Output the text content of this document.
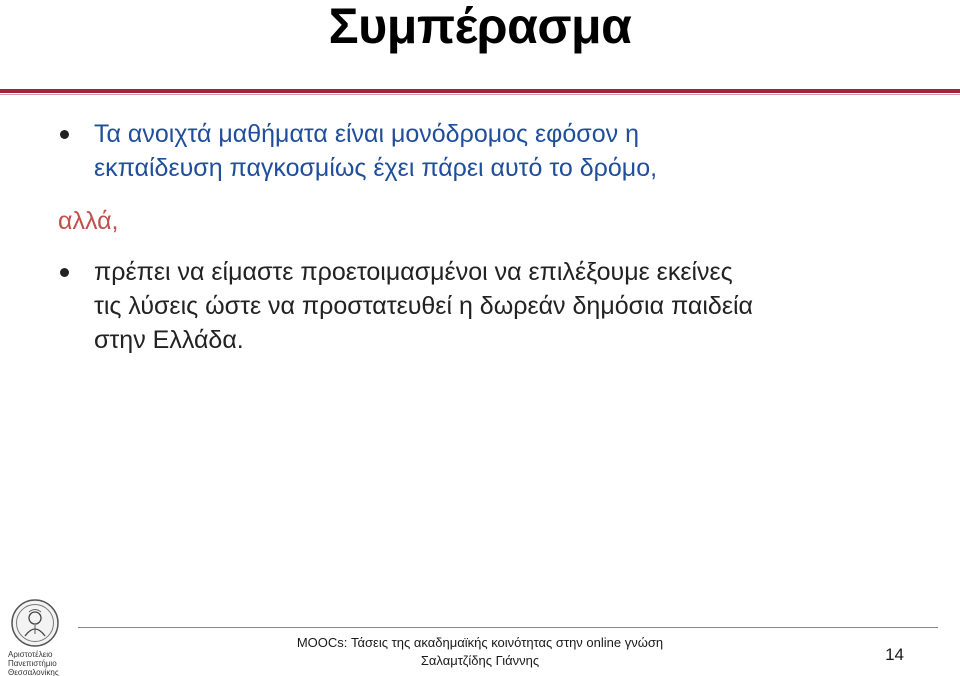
Συμπέρασμα
Τα ανοιχτά μαθήματα είναι μονόδρομος εφόσον η
εκπαίδευση παγκοσμίως έχει πάρει αυτό το δρόμο,
αλλά,
πρέπει να είμαστε προετοιμασμένοι να επιλέξουμε εκείνες
τις λύσεις ώστε να προστατευθεί η δωρεάν δημόσια παιδεία
στην Ελλάδα.
Αριστοτέλειο
Πανεπιστήμιο
Θεσσαλονίκης
MOOCs: Τάσεις της ακαδημαϊκής κοινότητας στην online γνώση
Σαλαμτζίδης Γιάννης	14
